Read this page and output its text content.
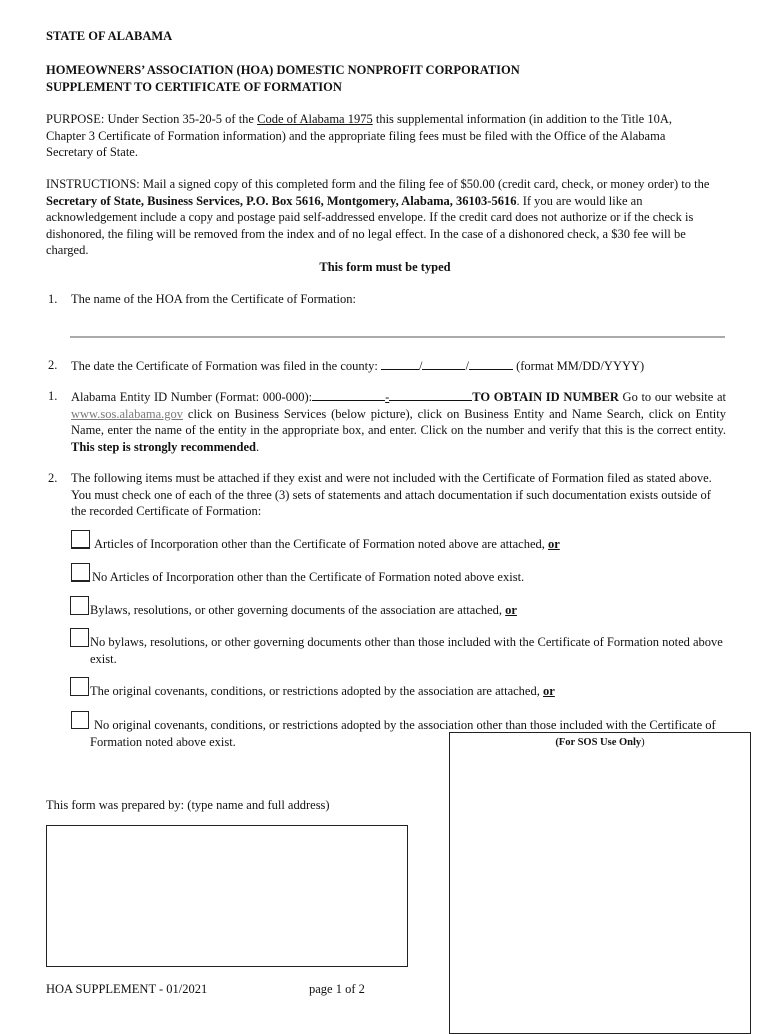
STATE OF ALABAMA
HOMEOWNERS’ ASSOCIATION (HOA) DOMESTIC NONPROFIT CORPORATION
SUPPLEMENT TO CERTIFICATE OF FORMATION
PURPOSE: Under Section 35-20-5 of the Code of Alabama 1975 this supplemental information (in addition to the Title 10A, Chapter 3 Certificate of Formation information) and the appropriate filing fees must be filed with the Office of the Alabama Secretary of State.
INSTRUCTIONS: Mail a signed copy of this completed form and the filing fee of $50.00 (credit card, check, or money order) to the Secretary of State, Business Services, P.O. Box 5616, Montgomery, Alabama, 36103-5616. If you are would like an acknowledgement include a copy and postage paid self-addressed envelope. If the credit card does not authorize or if the check is dishonored, the filing will be removed from the index and of no legal effect. In the case of a dishonored check, a $30 fee will be charged.
This form must be typed
1. The name of the HOA from the Certificate of Formation:
2. The date the Certificate of Formation was filed in the county:	/	/	(format MM/DD/YYYY)
1. Alabama Entity ID Number (Format: 000-000):	-	TO OBTAIN ID NUMBER Go to our website at www.sos.alabama.gov click on Business Services (below picture), click on Business Entity and Name Search, click on Entity Name, enter the name of the entity in the appropriate box, and enter. Click on the number and verify that this is the correct entity. This step is strongly recommended.
2. The following items must be attached if they exist and were not included with the Certificate of Formation filed as stated above. You must check one of each of the three (3) sets of statements and attach documentation if such documentation exists outside of the recorded Certificate of Formation:
Articles of Incorporation other than the Certificate of Formation noted above are attached, or
No Articles of Incorporation other than the Certificate of Formation noted above exist.
Bylaws, resolutions, or other governing documents of the association are attached, or
No bylaws, resolutions, or other governing documents other than those included with the Certificate of Formation noted above exist.
The original covenants, conditions, or restrictions adopted by the association are attached, or
No original covenants, conditions, or restrictions adopted by the association other than those included with the Certificate of Formation noted above exist.	(For SOS Use Only)
This form was prepared by: (type name and full address)
HOA SUPPLEMENT - 01/2021	page 1 of 2
